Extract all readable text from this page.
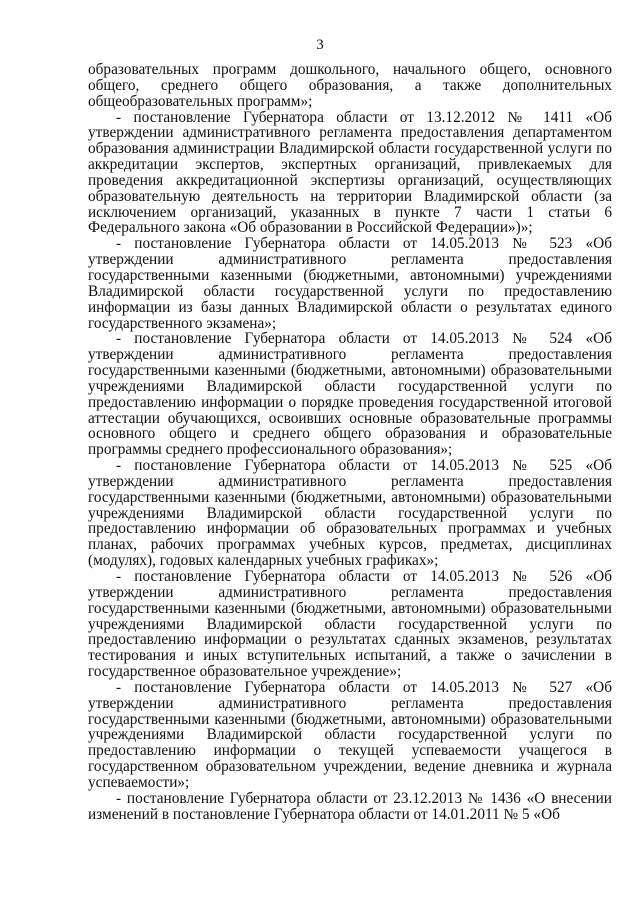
3

образовательных программ дошкольного, начального общего, основного общего, среднего общего образования, а также дополнительных общеобразовательных программ»;

- постановление Губернатора области от 13.12.2012 № 1411 «Об утверждении административного регламента предоставления департаментом образования администрации Владимирской области государственной услуги по аккредитации экспертов, экспертных организаций, привлекаемых для проведения аккредитационной экспертизы организаций, осуществляющих образовательную деятельность на территории Владимирской области (за исключением организаций, указанных в пункте 7 части 1 статьи 6 Федерального закона «Об образовании в Российской Федерации»)»;

- постановление Губернатора области от 14.05.2013 № 523 «Об утверждении административного регламента предоставления государственными казенными (бюджетными, автономными) учреждениями Владимирской области государственной услуги по предоставлению информации из базы данных Владимирской области о результатах единого государственного экзамена»;

- постановление Губернатора области от 14.05.2013 № 524 «Об утверждении административного регламента предоставления государственными казенными (бюджетными, автономными) образовательными учреждениями Владимирской области государственной услуги по предоставлению информации о порядке проведения государственной итоговой аттестации обучающихся, освоивших основные образовательные программы основного общего и среднего общего образования и образовательные программы среднего профессионального образования»;

- постановление Губернатора области от 14.05.2013 № 525 «Об утверждении административного регламента предоставления государственными казенными (бюджетными, автономными) образовательными учреждениями Владимирской области государственной услуги по предоставлению информации об образовательных программах и учебных планах, рабочих программах учебных курсов, предметах, дисциплинах (модулях), годовых календарных учебных графиках»;

- постановление Губернатора области от 14.05.2013 № 526 «Об утверждении административного регламента предоставления государственными казенными (бюджетными, автономными) образовательными учреждениями Владимирской области государственной услуги по предоставлению информации о результатах сданных экзаменов, результатах тестирования и иных вступительных испытаний, а также о зачислении в государственное образовательное учреждение»;

- постановление Губернатора области от 14.05.2013 № 527 «Об утверждении административного регламента предоставления государственными казенными (бюджетными, автономными) образовательными учреждениями Владимирской области государственной услуги по предоставлению информации о текущей успеваемости учащегося в государственном образовательном учреждении, ведение дневника и журнала успеваемости»;

- постановление Губернатора области от 23.12.2013 № 1436 «О внесении изменений в постановление Губернатора области от 14.01.2011 № 5 «Об
